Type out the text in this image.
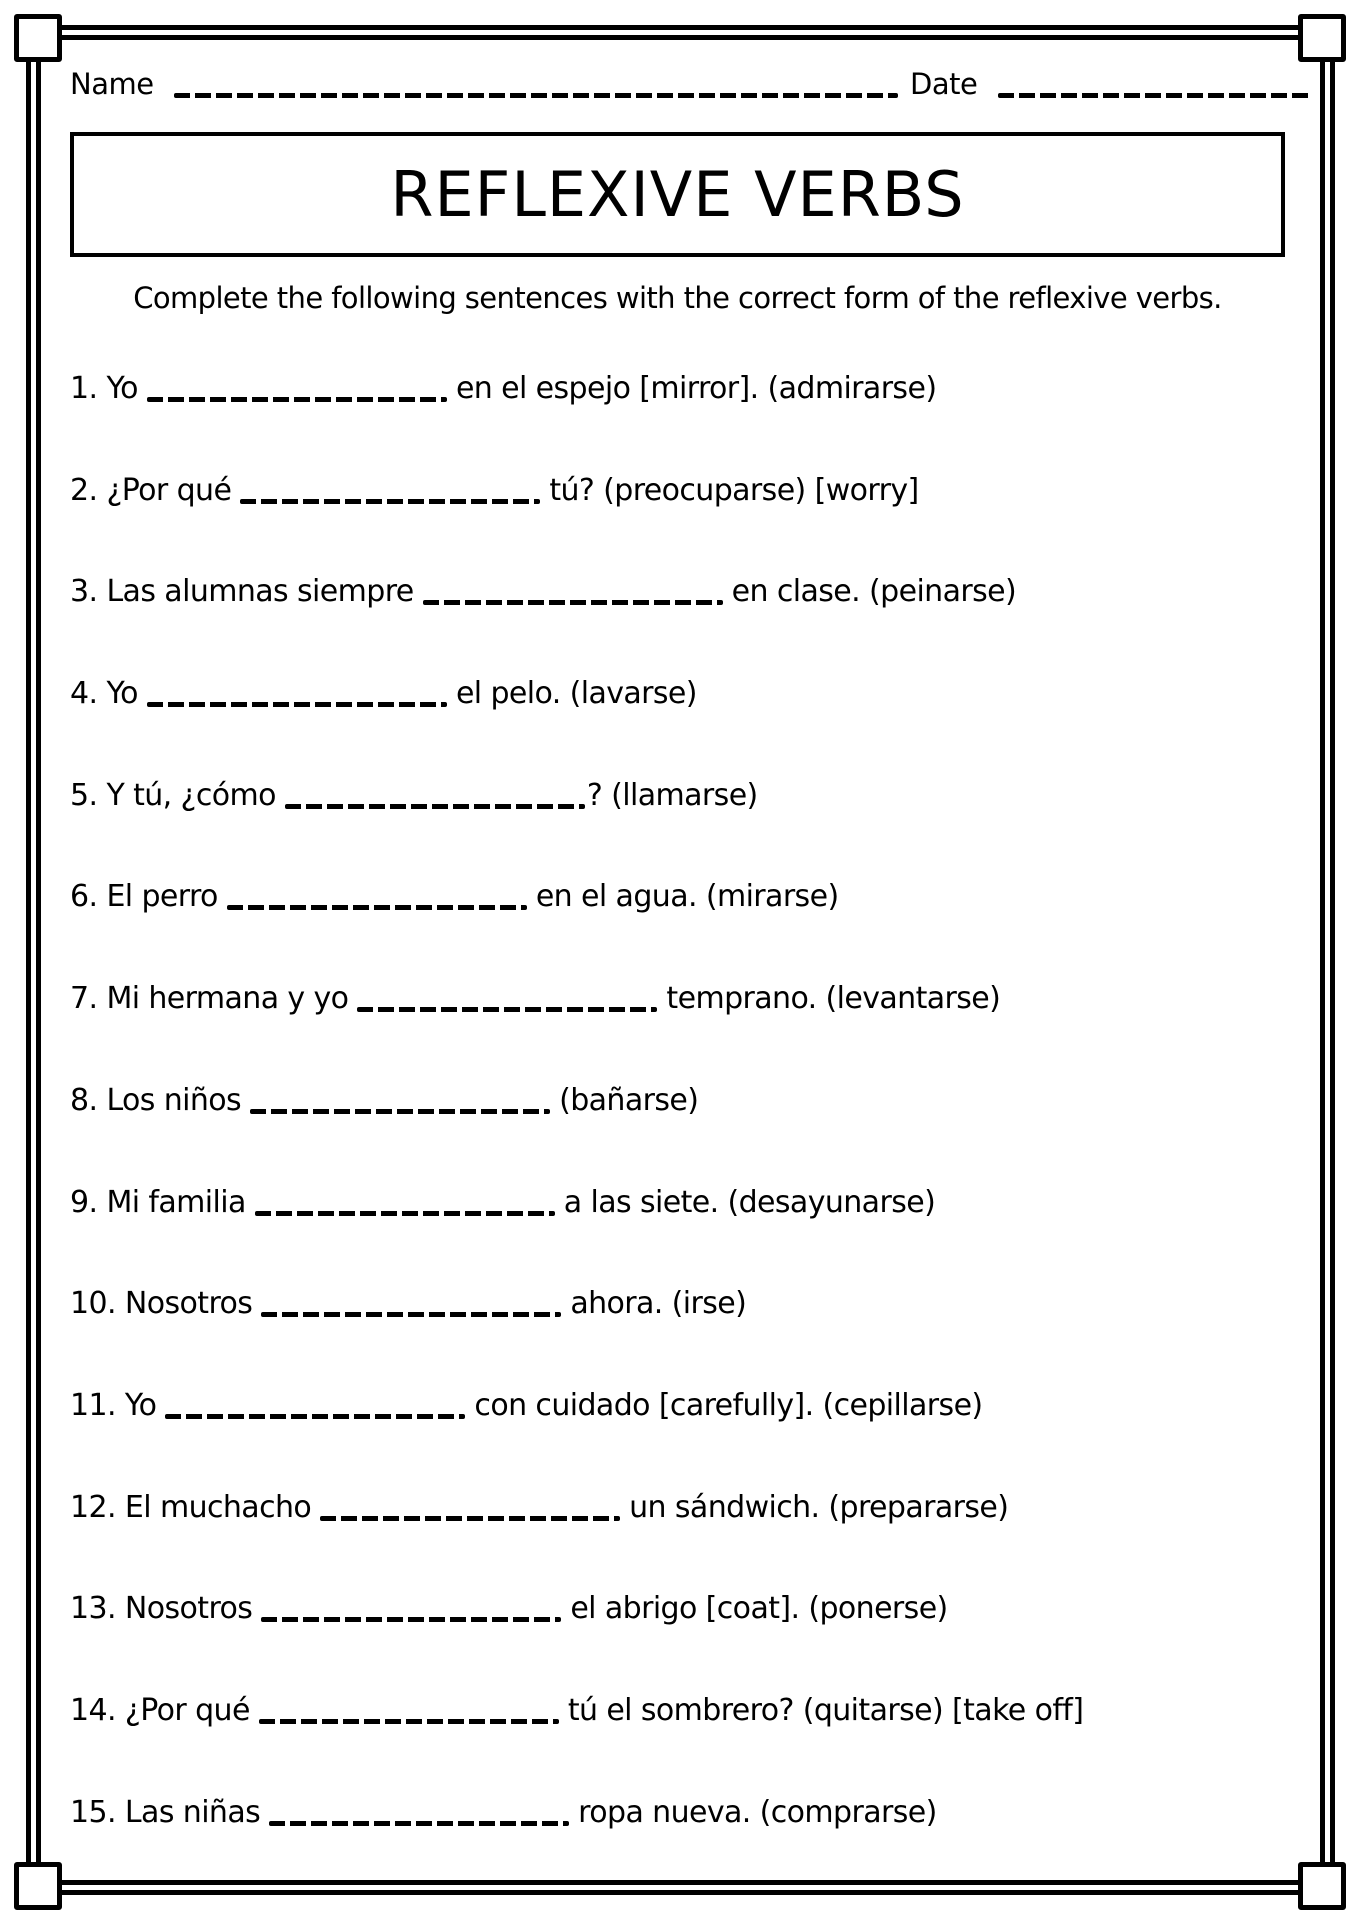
Name	Date
REFLEXIVE VERBS
Complete the following sentences with the correct form of the reflexive verbs.
1. Yo	en el espejo [mirror]. (admirarse)
2. ¿Por qué	tú? (preocuparse) [worry]
3. Las alumnas siempre	en clase. (peinarse)
4. Yo	el pelo. (lavarse)
5. Y tú, ¿cómo	? (llamarse)
6. El perro	en el agua. (mirarse)
7. Mi hermana y yo	temprano. (levantarse)
8. Los niños	(bañarse)
9. Mi familia	a las siete. (desayunarse)
10. Nosotros	ahora. (irse)
11. Yo	con cuidado [carefully]. (cepillarse)
12. El muchacho	un sándwich. (prepararse)
13. Nosotros	el abrigo [coat]. (ponerse)
14. ¿Por qué	tú el sombrero? (quitarse) [take off]
15. Las niñas	ropa nueva. (comprarse)
